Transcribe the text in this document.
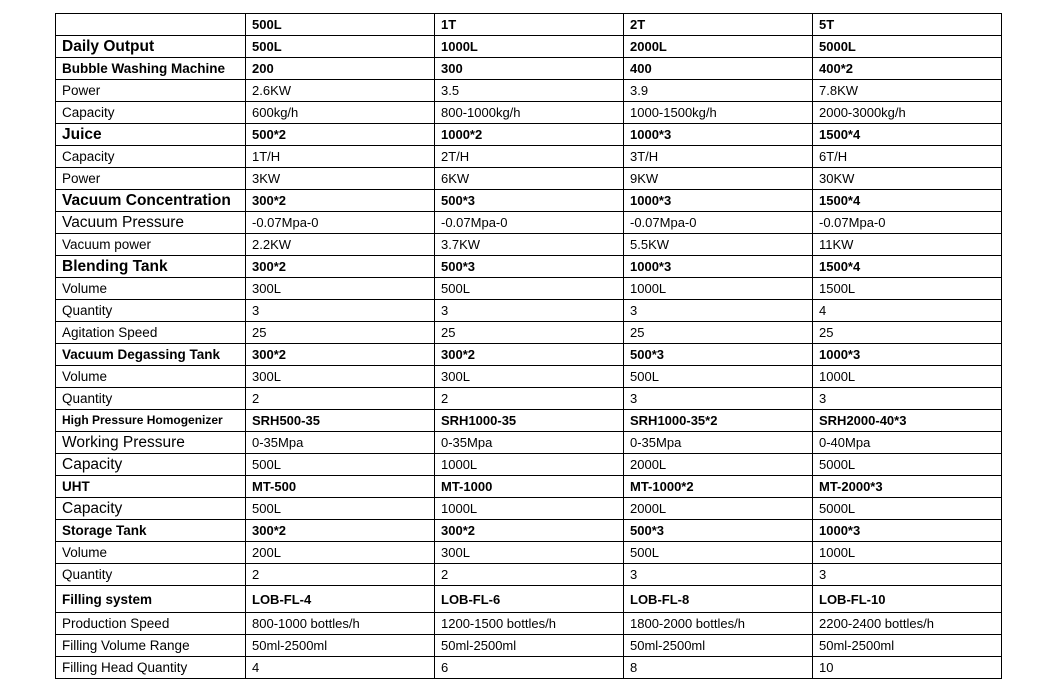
	500L	1T	2T	5T
Daily Output	500L	1000L	2000L	5000L
Bubble Washing Machine	200	300	400	400*2
Power	2.6KW	3.5	3.9	7.8KW
Capacity	600kg/h	800-1000kg/h	1000-1500kg/h	2000-3000kg/h
Juice	500*2	1000*2	1000*3	1500*4
Capacity	1T/H	2T/H	3T/H	6T/H
Power	3KW	6KW	9KW	30KW
Vacuum Concentration	300*2	500*3	1000*3	1500*4
Vacuum Pressure	-0.07Mpa-0	-0.07Mpa-0	-0.07Mpa-0	-0.07Mpa-0
Vacuum power	2.2KW	3.7KW	5.5KW	11KW
Blending Tank	300*2	500*3	1000*3	1500*4
Volume	300L	500L	1000L	1500L
Quantity	3	3	3	4
Agitation Speed	25	25	25	25
Vacuum Degassing Tank	300*2	300*2	500*3	1000*3
Volume	300L	300L	500L	1000L
Quantity	2	2	3	3
High Pressure Homogenizer	SRH500-35	SRH1000-35	SRH1000-35*2	SRH2000-40*3
Working Pressure	0-35Mpa	0-35Mpa	0-35Mpa	0-40Mpa
Capacity	500L	1000L	2000L	5000L
UHT	MT-500	MT-1000	MT-1000*2	MT-2000*3
Capacity	500L	1000L	2000L	5000L
Storage Tank	300*2	300*2	500*3	1000*3
Volume	200L	300L	500L	1000L
Quantity	2	2	3	3
Filling system	LOB-FL-4	LOB-FL-6	LOB-FL-8	LOB-FL-10
Production Speed	800-1000 bottles/h	1200-1500 bottles/h	1800-2000 bottles/h	2200-2400 bottles/h
Filling Volume Range	50ml-2500ml	50ml-2500ml	50ml-2500ml	50ml-2500ml
Filling Head Quantity	4	6	8	10
